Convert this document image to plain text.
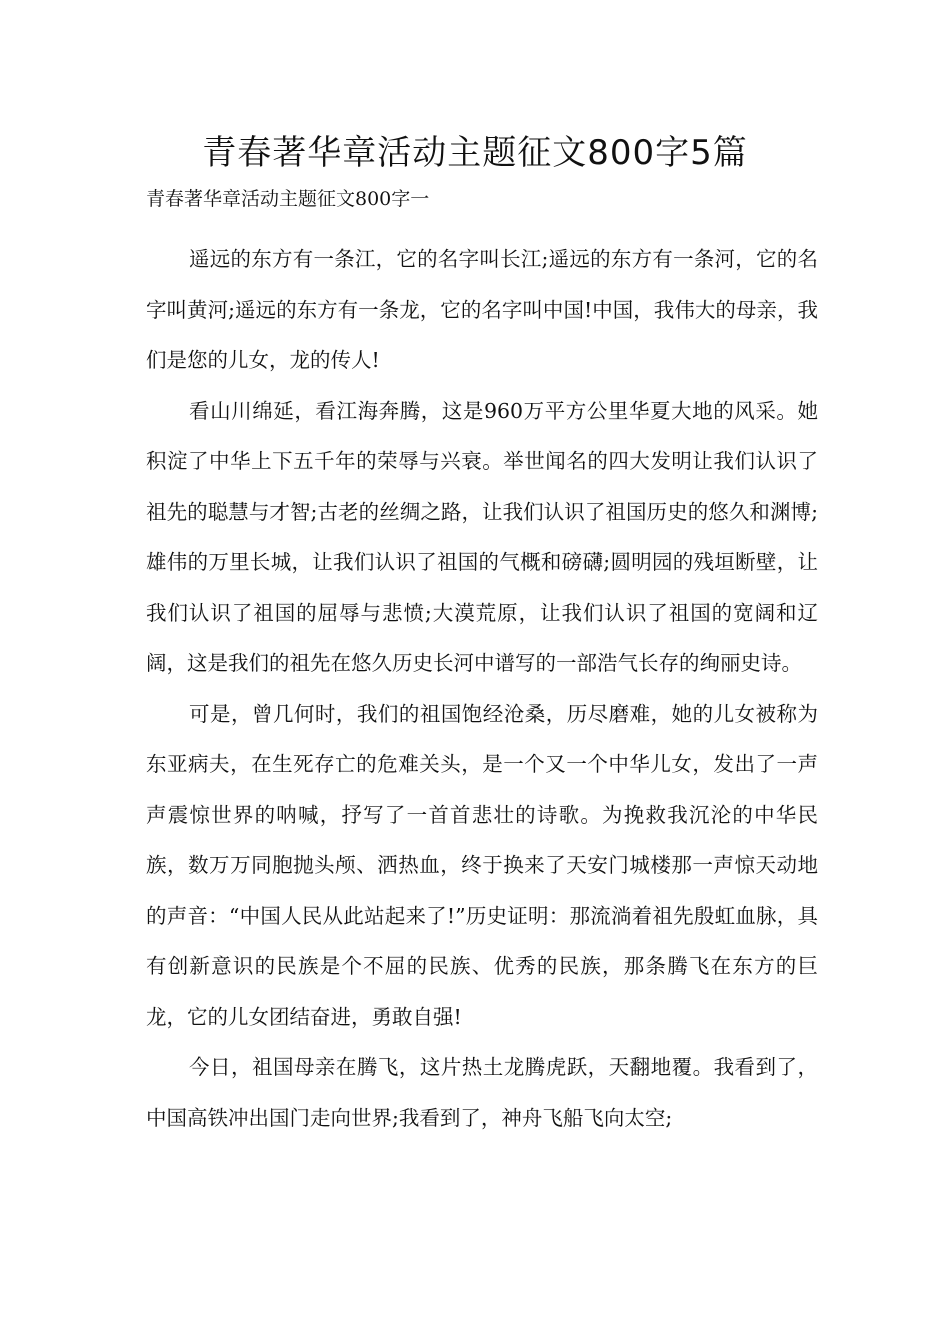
青春著华章活动主题征文800字5篇

青春著华章活动主题征文800字一

遥远的东方有一条江，它的名字叫长江;遥远的东方有一条河，它的名字叫黄河;遥远的东方有一条龙，它的名字叫中国!中国，我伟大的母亲，我们是您的儿女，龙的传人!

看山川绵延，看江海奔腾，这是960万平方公里华夏大地的风采。她积淀了中华上下五千年的荣辱与兴衰。举世闻名的四大发明让我们认识了祖先的聪慧与才智;古老的丝绸之路，让我们认识了祖国历史的悠久和渊博;雄伟的万里长城，让我们认识了祖国的气概和磅礴;圆明园的残垣断壁，让我们认识了祖国的屈辱与悲愤;大漠荒原，让我们认识了祖国的宽阔和辽阔，这是我们的祖先在悠久历史长河中谱写的一部浩气长存的绚丽史诗。

可是，曾几何时，我们的祖国饱经沧桑，历尽磨难，她的儿女被称为东亚病夫，在生死存亡的危难关头，是一个又一个中华儿女，发出了一声声震惊世界的呐喊，抒写了一首首悲壮的诗歌。为挽救我沉沦的中华民族，数万万同胞抛头颅、洒热血，终于换来了天安门城楼那一声惊天动地的声音：“中国人民从此站起来了!”历史证明：那流淌着祖先殷虹血脉，具有创新意识的民族是个不屈的民族、优秀的民族，那条腾飞在东方的巨龙，它的儿女团结奋进，勇敢自强!

今日，祖国母亲在腾飞，这片热土龙腾虎跃，天翻地覆。我看到了，中国高铁冲出国门走向世界;我看到了，神舟飞船飞向太空;
